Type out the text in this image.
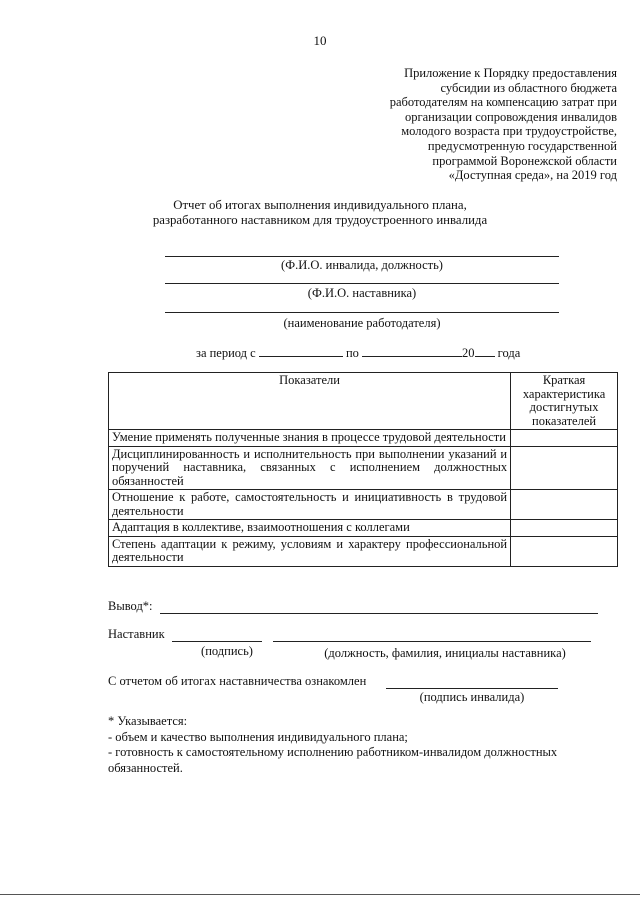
10
Приложение к Порядку предоставления
субсидии из областного бюджета
работодателям на компенсацию затрат при
организации сопровождения инвалидов
молодого возраста при трудоустройстве,
предусмотренную государственной
программой Воронежской области
«Доступная среда», на 2019 год
Отчет об итогах выполнения индивидуального плана,
разработанного наставником для трудоустроенного инвалида
(Ф.И.О. инвалида, должность)
(Ф.И.О. наставника)
(наименование работодателя)
за период с	по	20 года
Показатели	Краткая характеристика достигнутых показателей
Умение применять полученные знания в процессе трудовой деятельности	
Дисциплинированность и исполнительность при выполнении указаний и поручений наставника, связанных с исполнением должностных обязанностей	
Отношение к работе, самостоятельность и инициативность в трудовой деятельности	
Адаптация в коллективе, взаимоотношения с коллегами	
Степень адаптации к режиму, условиям и характеру профессиональной деятельности	
Вывод*:
Наставник
(подпись)	(должность, фамилия, инициалы наставника)
С отчетом об итогах наставничества ознакомлен
(подпись инвалида)
* Указывается:
- объем и качество выполнения индивидуального плана;
- готовность к самостоятельному исполнению работником-инвалидом должностных обязанностей.
